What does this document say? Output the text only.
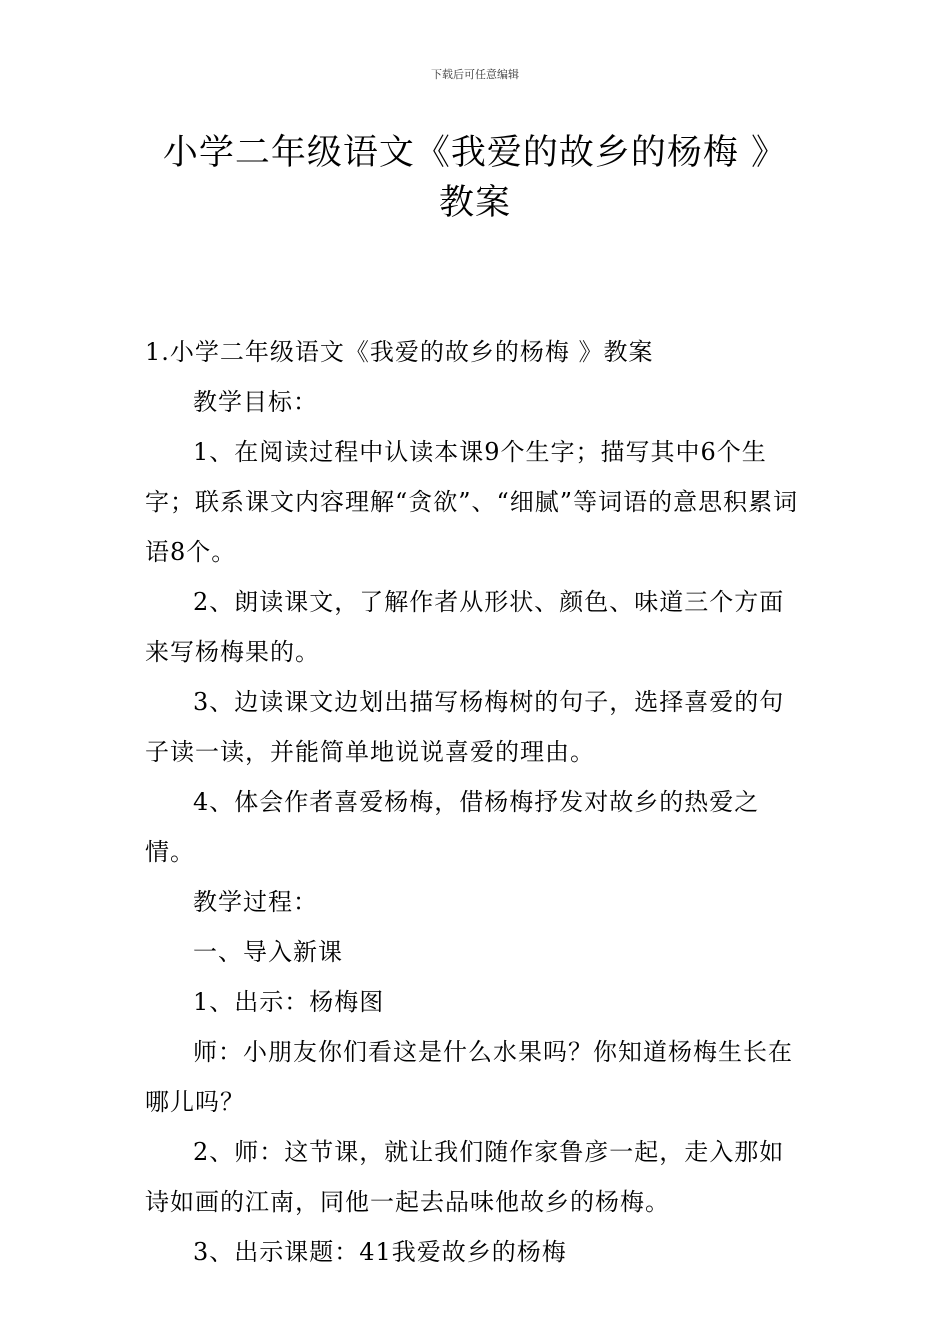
下载后可任意编辑
小学二年级语文《我爱的故乡的杨梅 》教案

1.小学二年级语文《我爱的故乡的杨梅 》教案

教学目标：

1、在阅读过程中认读本课9个生字；描写其中6个生字；联系课文内容理解“贪欲”、“细腻”等词语的意思积累词语8个。

2、朗读课文，了解作者从形状、颜色、味道三个方面来写杨梅果的。

3、边读课文边划出描写杨梅树的句子，选择喜爱的句子读一读，并能简单地说说喜爱的理由。

4、体会作者喜爱杨梅，借杨梅抒发对故乡的热爱之情。

教学过程：

一、导入新课

1、出示：杨梅图

师：小朋友你们看这是什么水果吗？你知道杨梅生长在哪儿吗？

2、师：这节课，就让我们随作家鲁彦一起，走入那如诗如画的江南，同他一起去品味他故乡的杨梅。

3、出示课题：41我爱故乡的杨梅
